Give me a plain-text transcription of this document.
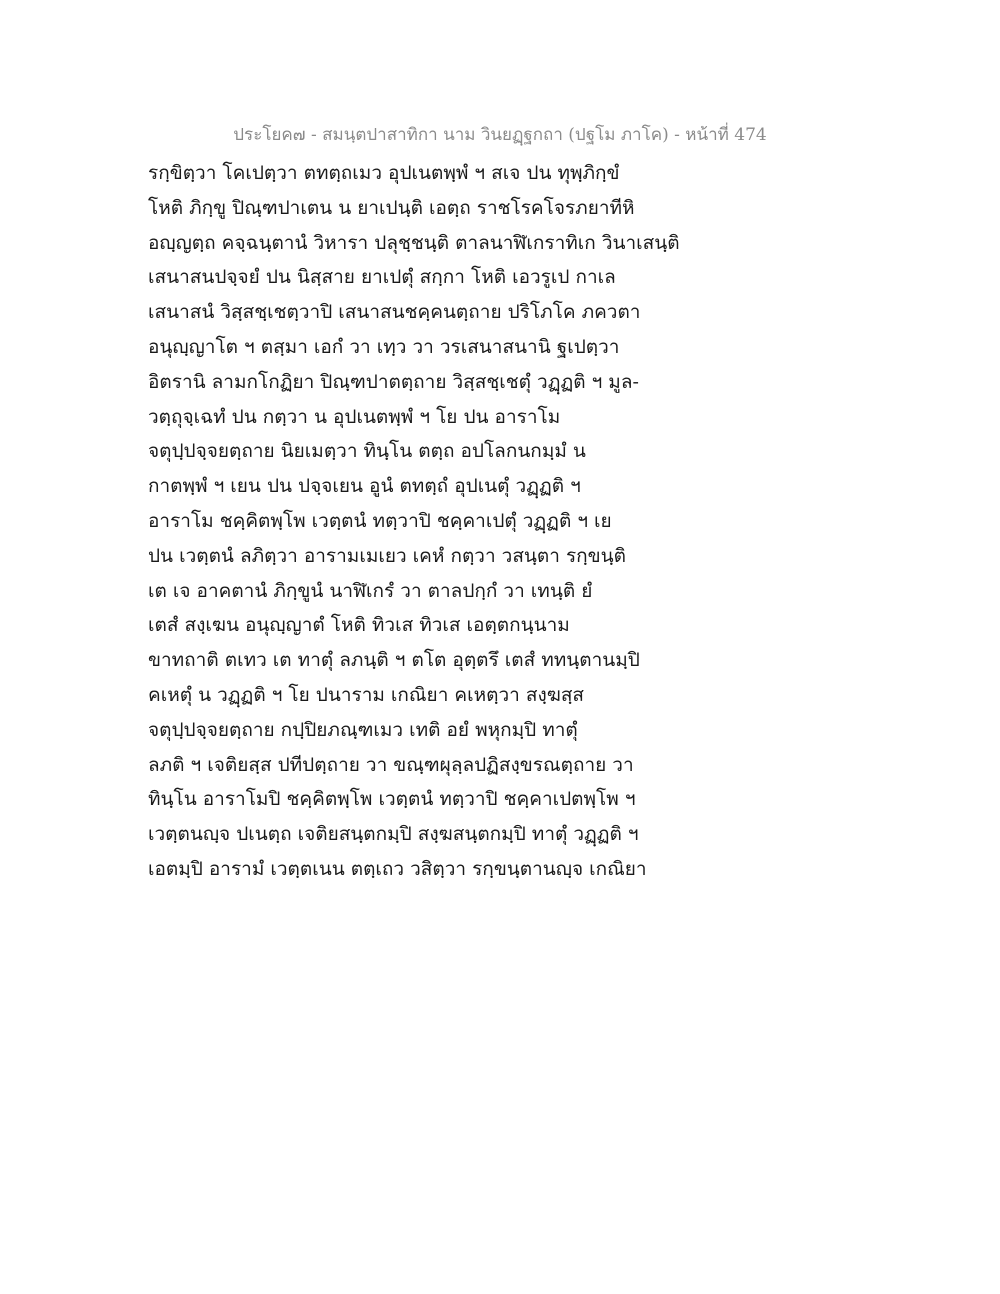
ประโยค๗ - สมนฺตปาสาทิกา นาม วินยฏฺฐกถา (ปฐโม ภาโค) - หน้าที่ 474
รกฺขิตฺวา โคเปตฺวา ตทตฺถเมว อุปเนตพฺพํ ฯ สเจ ปน ทุพฺภิกฺขํ
โหติ ภิกฺขู ปิณฺฑปาเตน น ยาเปนฺติ เอตฺถ ราชโรคโจรภยาทีหิ
อญฺญตฺถ คจฺฉนฺตานํ วิหารา ปลุชฺชนฺติ ตาลนาฬิเกราทิเก วินาเสนฺติ
เสนาสนปจฺจยํ ปน นิสฺสาย ยาเปตุํ สกฺกา โหติ เอวรูเป กาเล
เสนาสนํ วิสฺสชฺเชตฺวาปิ เสนาสนชคฺคนตฺถาย ปริโภโค ภควตา
อนุญฺญาโต ฯ ตสฺมา เอกํ วา เทฺว วา วรเสนาสนานิ ฐเปตฺวา
อิตรานิ ลามกโกฏิยา ปิณฺฑปาตตฺถาย วิสฺสชฺเชตุํ วฏฺฏติ ฯ มูล-
วตฺถุจฺเฉทํ ปน กตฺวา น อุปเนตพฺพํ ฯ โย ปน อาราโม
จตุปฺปจฺจยตฺถาย นิยเมตฺวา ทินฺโน ตตฺถ อปโลกนกมฺมํ น
กาตพฺพํ ฯ เยน ปน ปจฺจเยน อูนํ ตทตฺถํ อุปเนตุํ วฏฺฏติ ฯ
อาราโม ชคฺคิตพฺโพ เวตฺตนํ ทตฺวาปิ ชคฺคาเปตุํ วฏฺฏติ ฯ เย
ปน เวตฺตนํ ลภิตฺวา อารามเมเยว เคหํ กตฺวา วสนฺตา รกฺขนฺติ
เต เจ อาคตานํ ภิกฺขูนํ นาฬิเกรํ วา ตาลปกฺกํ วา เทนฺติ ยํ
เตสํ สงฺเฆน อนุญฺญาตํ โหติ ทิวเส ทิวเส เอตฺตกนฺนาม
ขาทถาติ ตเทว เต ทาตุํ ลภนฺติ ฯ ตโต อุตฺตรึ เตสํ ททนฺตานมฺปิ
คเหตุํ น วฏฺฏติ ฯ โย ปนาราม เกณิยา คเหตฺวา สงฺฆสฺส
จตุปฺปจฺจยตฺถาย กปฺปิยภณฺฑเมว เทติ อยํ พหุกมฺปิ ทาตุํ
ลภติ ฯ เจติยสฺส ปทีปตฺถาย วา ขณฺฑผุลฺลปฏิสงฺขรณตฺถาย วา
ทินฺโน อาราโมปิ ชคฺคิตพฺโพ เวตฺตนํ ทตฺวาปิ ชคฺคาเปตพฺโพ ฯ
เวตฺตนญฺจ ปเนตฺถ เจติยสนฺตกมฺปิ สงฺฆสนฺตกมฺปิ ทาตุํ วฏฺฏติ ฯ
เอตมฺปิ อารามํ เวตฺตเนน ตตฺเถว วสิตฺวา รกฺขนฺตานญฺจ เกณิยา
